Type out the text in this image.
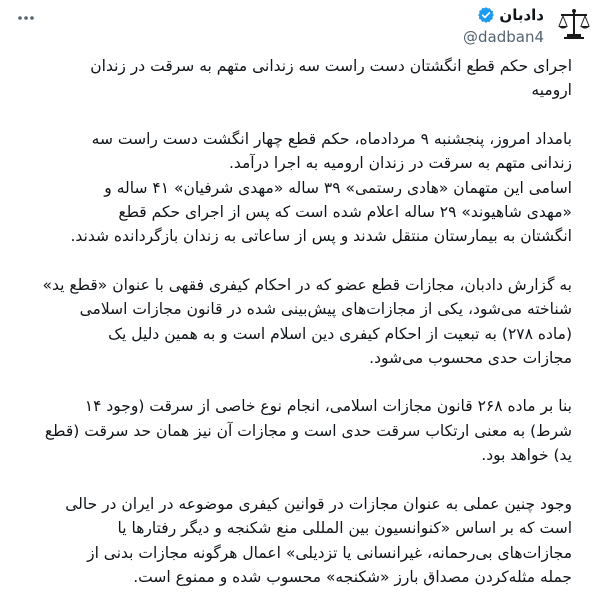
دادبان
@dadban4

اجرای حکم قطع انگشتان دست راست سه زندانی متهم به سرقت در زندان
ارومیه

بامداد امروز، پنجشنبه ۹ مردادماه، حکم قطع چهار انگشت دست راست سه
زندانی متهم به سرقت در زندان ارومیه به اجرا درآمد.
اسامی این متهمان «هادی رستمی» ۳۹ ساله «مهدی شرفیان» ۴۱ ساله و
«مهدی شاهیوند» ۲۹ ساله اعلام شده است که پس از اجرای حکم قطع
انگشتان به بیمارستان منتقل شدند و پس از ساعاتی به زندان بازگردانده شدند.

به گزارش دادبان، مجازات قطع عضو که در احکام کیفری فقهی با عنوان «قطع ید»
شناخته می‌شود، یکی از مجازات‌های پیش‌بینی شده در قانون مجازات اسلامی
(ماده ۲۷۸) به تبعیت از احکام کیفری دین اسلام است و به همین دلیل یک
مجازات حدی محسوب می‌شود.

بنا بر ماده ۲۶۸ قانون مجازات اسلامی، انجام نوع خاصی از سرقت (وجود ۱۴
شرط) به معنی ارتکاب سرقت حدی است و مجازات آن نیز همان حد سرقت (قطع
ید) خواهد بود.

وجود چنین عملی به عنوان مجازات در قوانین کیفری موضوعه در ایران در حالی
است که بر اساس «کنوانسیون بین المللی منع شکنجه و دیگر رفتارها یا
مجازات‌های بی‌رحمانه، غیرانسانی یا تزدیلی» اعمال هرگونه مجازات بدنی از
جمله مثله‌کردن مصداق بارز «شکنجه» محسوب شده و ممنوع است.
